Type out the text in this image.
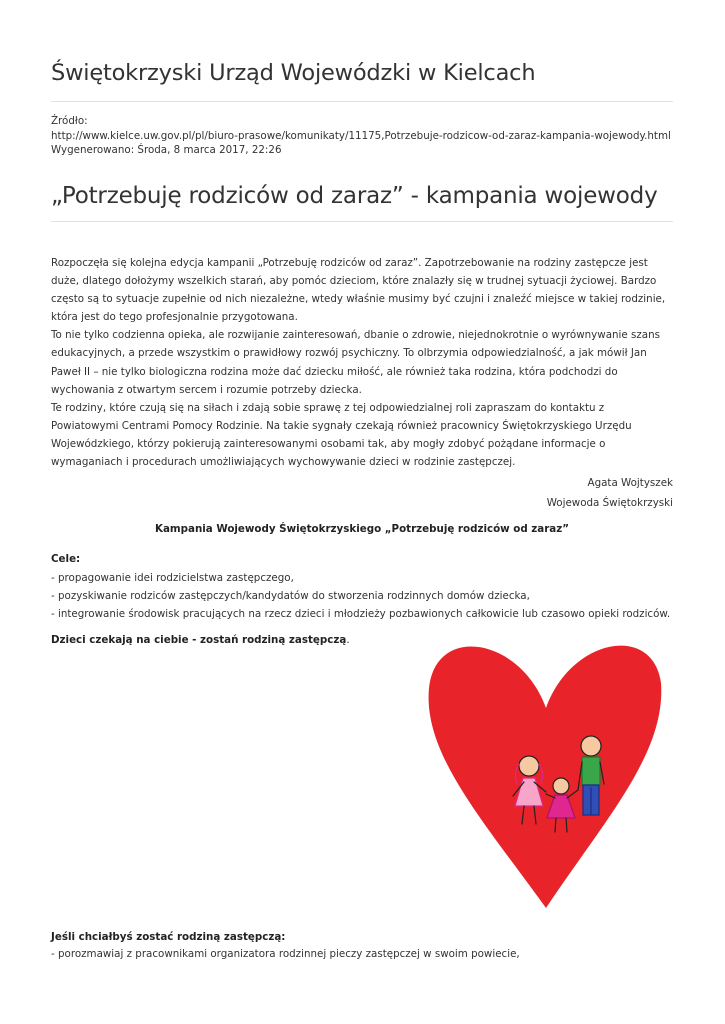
Świętokrzyski Urząd Wojewódzki w Kielcach
Źródło:
http://www.kielce.uw.gov.pl/pl/biuro-prasowe/komunikaty/11175,Potrzebuje-rodzicow-od-zaraz-kampania-wojewody.html
Wygenerowano: Środa, 8 marca 2017, 22:26
„Potrzebuję rodziców od zaraz” - kampania wojewody

Rozpoczęła się kolejna edycja kampanii „Potrzebuję rodziców od zaraz”. Zapotrzebowanie na rodziny zastępcze jest duże, dlatego dołożymy wszelkich starań, aby pomóc dzieciom, które znalazły się w trudnej sytuacji życiowej. Bardzo często są to sytuacje zupełnie od nich niezależne, wtedy właśnie musimy być czujni i znaleźć miejsce w takiej rodzinie, która jest do tego profesjonalnie przygotowana.

To nie tylko codzienna opieka, ale rozwijanie zainteresowań, dbanie o zdrowie, niejednokrotnie o wyrównywanie szans edukacyjnych, a przede wszystkim o prawidłowy rozwój psychiczny. To olbrzymia odpowiedzialność, a jak mówił Jan Paweł II – nie tylko biologiczna rodzina może dać dziecku miłość, ale również taka rodzina, która podchodzi do wychowania z otwartym sercem i rozumie potrzeby dziecka.

Te rodziny, które czują się na siłach i zdają sobie sprawę z tej odpowiedzialnej roli zapraszam do kontaktu z Powiatowymi Centrami Pomocy Rodzinie. Na takie sygnały czekają również pracownicy Świętokrzyskiego Urzędu Wojewódzkiego, którzy pokierują zainteresowanymi osobami tak, aby mogły zdobyć pożądane informacje o wymaganiach i procedurach umożliwiających wychowywanie dzieci w rodzinie zastępczej.

Agata Wojtyszek
Wojewoda Świętokrzyski
Kampania Wojewody Świętokrzyskiego „Potrzebuję rodziców od zaraz”
Cele:
- propagowanie idei rodzicielstwa zastępczego,
- pozyskiwanie rodziców zastępczych/kandydatów do stworzenia rodzinnych domów dziecka,
- integrowanie środowisk pracujących na rzecz dzieci i młodzieży pozbawionych całkowicie lub czasowo opieki rodziców.
Dzieci czekają na ciebie - zostań rodziną zastępczą.
Jeśli chciałbyś zostać rodziną zastępczą:
- porozmawiaj z pracownikami organizatora rodzinnej pieczy zastępczej w swoim powiecie,
